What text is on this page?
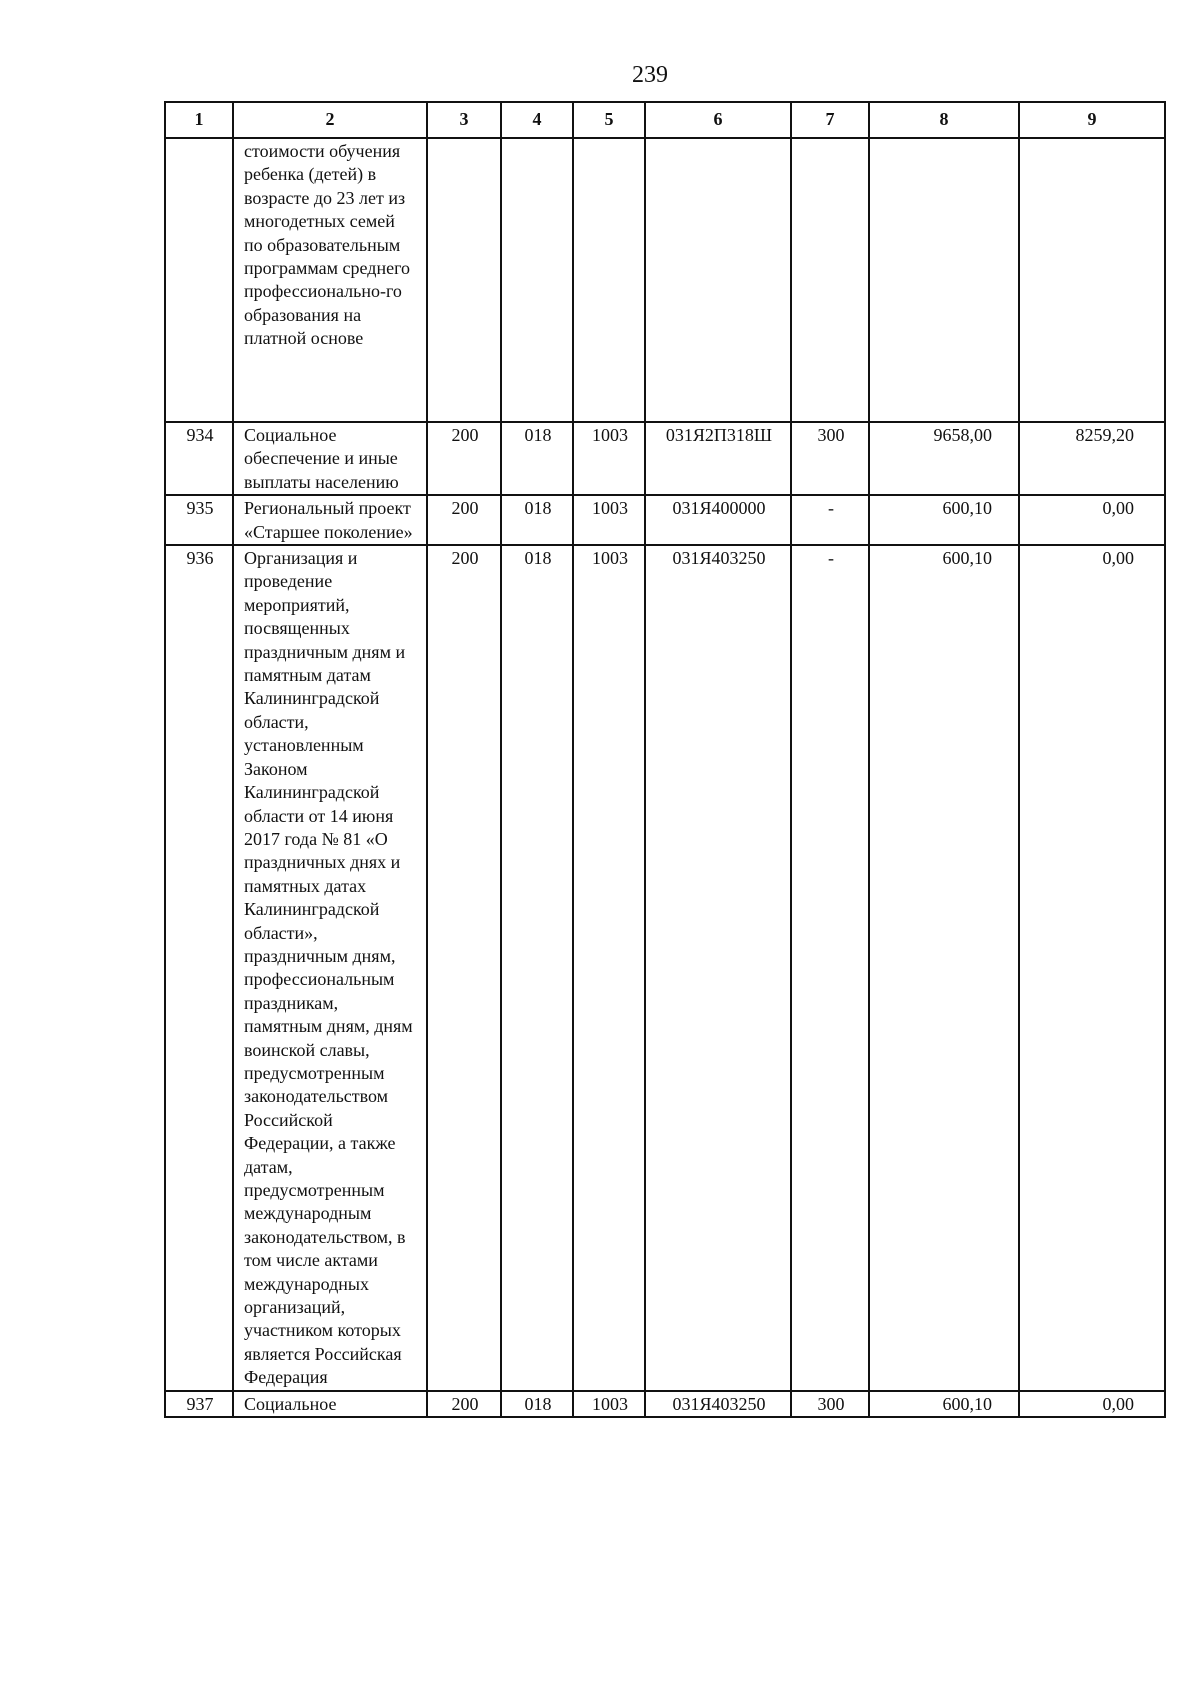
239
1	2	3	4	5	6	7	8	9

	стоимости обучения ребенка (детей) в возрасте до 23 лет из многодетных семей по образовательным программам среднего профессионально-го образования на платной основе							

934	Социальное обеспечение и иные выплаты населению	200	018	1003	031Я2П318Ш	300	9658,00	8259,20
935	Региональный проект «Старшее поколение»	200	018	1003	031Я400000	-	600,10	0,00
936	Организация и проведение мероприятий, посвященных праздничным дням и памятным датам Калининградской области, установленным Законом Калининградской области от 14 июня 2017 года № 81 «О праздничных днях и памятных датах Калининградской области», праздничным дням, профессиональным праздникам, памятным дням, дням воинской славы, предусмотренным законодательством Российской Федерации, а также датам, предусмотренным международным законодательством, в том числе актами международных организаций, участником которых является Российская Федерация	200	018	1003	031Я403250	-	600,10	0,00
937	Социальное	200	018	1003	031Я403250	300	600,10	0,00
